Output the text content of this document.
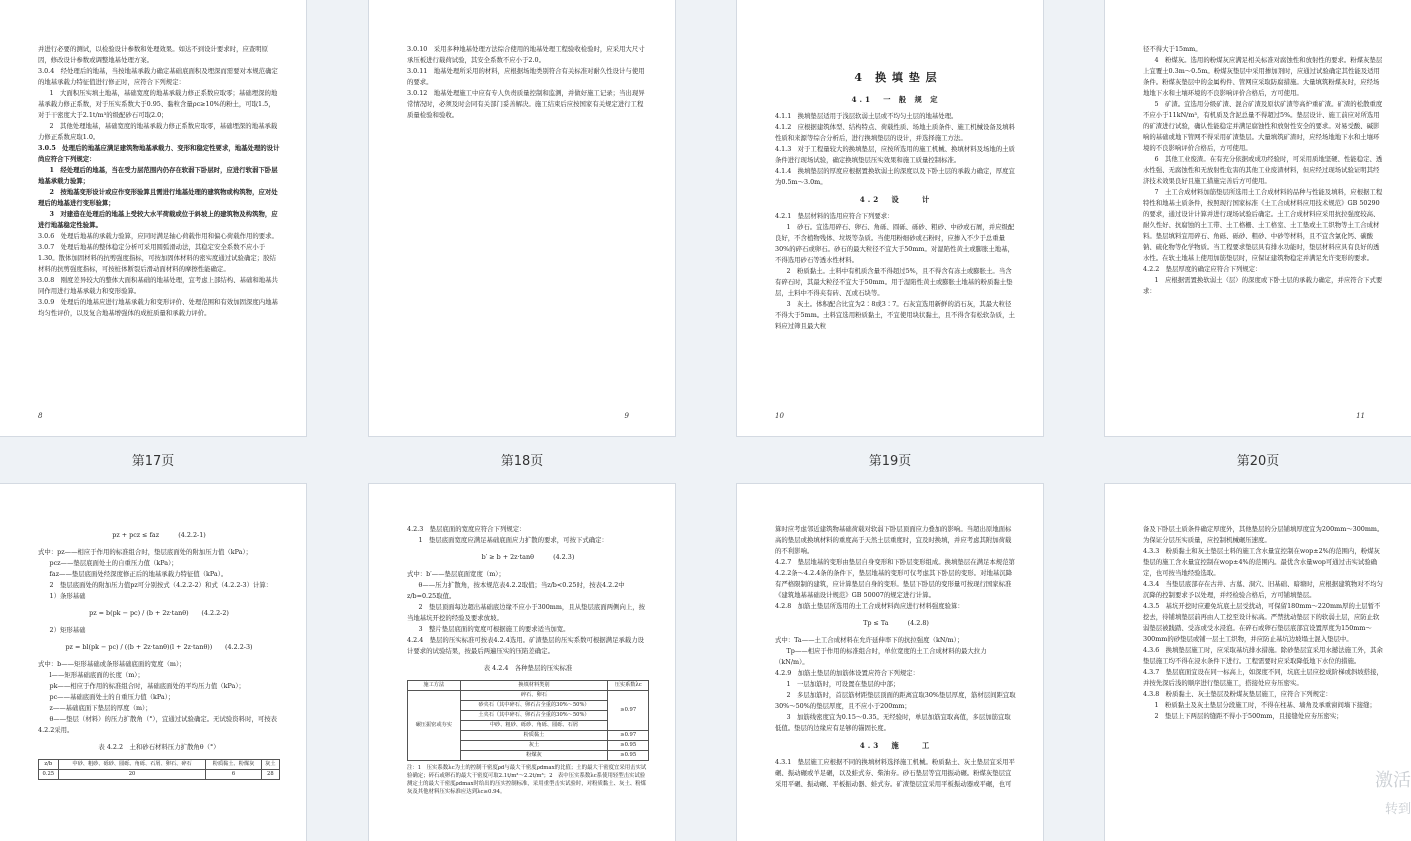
并进行必要的测试，以检验设计参数和处理效果。如达不到设计要求时，应查明原因，修改设计参数或调整地基处理方案。

3.0.4　经处理后的地基，当按地基承载力确定基础底面积及埋深而需要对本规范确定的地基承载力特征值进行修正时，应符合下列规定：

1　大面积压实填土地基，基础宽度的地基承载力修正系数应取零；基础埋深的地基承载力修正系数，对于压实系数大于0.95、黏粒含量ρc≥10%的粉土，可取1.5，对于干密度大于2.1t/m³的级配砂石可取2.0；

2　其他处理地基，基础宽度的地基承载力修正系数应取零，基础埋深的地基承载力修正系数应取1.0。

3.0.5　处理后的地基应满足建筑物地基承载力、变形和稳定性要求，地基处理的设计尚应符合下列规定：

1　经处理后的地基，当在受力层范围内仍存在软弱下卧层时，应进行软弱下卧层地基承载力验算；

2　按地基变形设计或应作变形验算且需进行地基处理的建筑物或构筑物，应对处理后的地基进行变形验算；

3　对建造在处理后的地基上受较大水平荷载或位于斜坡上的建筑物及构筑物，应进行地基稳定性验算。

3.0.6　处理后地基的承载力验算，应同时满足轴心荷载作用和偏心荷载作用的要求。

3.0.7　处理后地基的整体稳定分析可采用圆弧滑动法，其稳定安全系数不应小于1.30。散体加固材料的抗剪强度指标，可按加固体材料的密实度通过试验确定；胶结材料的抗剪强度指标，可按桩体断裂后滑动面材料的摩擦性能确定。

3.0.8　刚度差异较大的整体大面积基础的地基处理，宜考虑上部结构、基础和地基共同作用进行地基承载力和变形验算。

3.0.9　处理后的地基应进行地基承载力和变形评价、处理范围和有效加固深度内地基均匀性评价，以及复合地基增强体的成桩质量和承载力评价。

8

3.0.10　采用多种地基处理方法综合使用的地基处理工程验收检验时，应采用大尺寸承压板进行载荷试验，其安全系数不应小于2.0。

3.0.11　地基处理所采用的材料，应根据场地类别符合有关标准对耐久性设计与使用的要求。

3.0.12　地基处理施工中应有专人负责质量控制和监测，并做好施工记录；当出现异常情况时，必须及时会同有关部门妥善解决。施工结束后应按国家有关规定进行工程质量检验和验收。

9

4　换 填 垫 层

4.1　一 般 规 定

4.1.1　换填垫层适用于浅层软弱土层或不均匀土层的地基处理。

4.1.2　应根据建筑体型、结构特点、荷载性质、场地土质条件、施工机械设备及填料性质和来源等综合分析后，进行换填垫层的设计，并选择施工方法。

4.1.3　对于工程量较大的换填垫层，应按所选用的施工机械、换填材料及场地的土质条件进行现场试验，确定换填垫层压实效果和施工质量控制标准。

4.1.4　换填垫层的厚度应根据置换软弱土的深度以及下卧土层的承载力确定，厚度宜为0.5m～3.0m。

4.2　设　　计

4.2.1　垫层材料的选用应符合下列要求：

1　砂石。宜选用碎石、卵石、角砾、圆砾、砾砂、粗砂、中砂或石屑，并应级配良好，不含植物残体、垃圾等杂质。当使用粉细砂或石粉时，应掺入不少于总重量30%的碎石或卵石。砂石的最大粒径不宜大于50mm。对湿陷性黄土或膨胀土地基，不得选用砂石等透水性材料。

2　粉质黏土。土料中有机质含量不得超过5%，且不得含有冻土或膨胀土。当含有碎石时，其最大粒径不宜大于50mm。用于湿陷性黄土或膨胀土地基的粉质黏土垫层，土料中不得夹有砖、瓦或石块等。

3　灰土。体积配合比宜为2∶8或3∶7。石灰宜选用新鲜的消石灰，其最大粒径不得大于5mm。土料宜选用粉质黏土，不宜使用块状黏土，且不得含有松软杂质，土料应过筛且最大粒

10

径不得大于15mm。

4　粉煤灰。选用的粉煤灰应满足相关标准对腐蚀性和放射性的要求。粉煤灰垫层上宜覆土0.3m～0.5m。粉煤灰垫层中采用掺加剂时，应通过试验确定其性能及适用条件。粉煤灰垫层中的金属构件、管网应采取防腐措施。大量填筑粉煤灰时，应经场地地下水和土壤环境的不良影响评价合格后，方可使用。

5　矿渣。宜选用分级矿渣、混合矿渣及原状矿渣等高炉重矿渣。矿渣的松散重度不应小于11kN/m³，有机质及含泥总量不得超过5%。垫层设计、施工前应对所选用的矿渣进行试验，确认性能稳定并满足腐蚀性和放射性安全的要求。对易受酸、碱影响的基础或地下管网不得采用矿渣垫层。大量填筑矿渣时，应经场地地下水和土壤环境的不良影响评价合格后，方可使用。

6　其他工业废渣。在有充分依据或成功经验时，可采用质地坚硬、性能稳定、透水性强、无腐蚀性和无放射性危害的其他工业废渣材料，但应经过现场试验证明其经济技术效果良好且施工措施完善后方可使用。

7　土工合成材料加筋垫层所选用土工合成材料的品种与性能及填料，应根据工程特性和地基土质条件，按照现行国家标准《土工合成材料应用技术规范》GB 50290的要求，通过设计计算并进行现场试验后确定。土工合成材料应采用抗拉强度较高、耐久性好、抗腐蚀的土工带、土工格栅、土工格室、土工垫或土工织物等土工合成材料。垫层填料宜用碎石、角砾、砾砂、粗砂、中砂等材料，且不宜含氯化钙、碳酸钠、硫化物等化学物质。当工程要求垫层具有排水功能时，垫层材料应具有良好的透水性。在软土地基上使用加筋垫层时，应保证建筑物稳定并满足允许变形的要求。

4.2.2　垫层厚度的确定应符合下列规定：

1　应根据需置换软弱土（层）的深度或下卧土层的承载力确定，并应符合下式要求：

11
第17页	第18页	第19页	第20页

pz + pcz ≤ faz　　　(4.2.2-1)

式中：pz——相应于作用的标准组合时，垫层底面处的附加压力值（kPa）；

pcz——垫层底面处土的自重压力值（kPa）；

faz——垫层底面处经深度修正后的地基承载力特征值（kPa）。

2　垫层底面处的附加压力值pz可分别按式（4.2.2-2）和式（4.2.2-3）计算：

1）条形基础

pz = b(pk − pc) / (b + 2z·tanθ)　　(4.2.2-2)

2）矩形基础

pz = bl(pk − pc) / ((b + 2z·tanθ)(l + 2z·tanθ))　　(4.2.2-3)

式中：b——矩形基础或条形基础底面的宽度（m）；

l——矩形基础底面的长度（m）；

pk——相应于作用的标准组合时，基础底面处的平均压力值（kPa）；

pc——基础底面处土的自重压力值（kPa）；

z——基础底面下垫层的厚度（m）；

θ——垫层（材料）的压力扩散角（°），宜通过试验确定。无试验资料时，可按表4.2.2采用。

表 4.2.2　土和砂石材料压力扩散角θ（°）

z/b	中砂、粗砂、砾砂、圆砾、角砾、石屑、卵石、碎石	粉质黏土、粉煤灰	灰土
0.25	20	6	28

4.2.3　垫层底面的宽度应符合下列规定：

1　垫层底面宽度应满足基础底面应力扩散的要求，可按下式确定：

b′ ≥ b + 2z·tanθ　　　(4.2.3)

式中：b′——垫层底面宽度（m）；

θ——压力扩散角，按本规范表4.2.2取值；当z/b<0.25时，按表4.2.2中z/b=0.25取值。

2　垫层顶面每边超出基础底边缘不应小于300mm，且从垫层底面两侧向上，按当地基坑开挖的经验及要求放坡。

3　整片垫层底面的宽度可根据施工的要求适当加宽。

4.2.4　垫层的压实标准可按表4.2.4选用。矿渣垫层的压实系数可根据满足承载力设计要求的试验结果，按最后两遍压实的压陷差确定。

表 4.2.4　各种垫层的压实标准

施工方法	换填材料类别	压实系数λc
碾压振密或夯实	碎石、卵石	≥0.97
	砂夹石（其中碎石、卵石占全重的30%～50%）	
	土夹石（其中碎石、卵石占全重的30%～50%）	
	中砂、粗砂、砾砂、角砾、圆砾、石屑	
	粉质黏土	≥0.97
	灰土	≥0.95
	粉煤灰	≥0.95

注：1　压实系数λc为土的控制干密度ρd与最大干密度ρdmax的比值；土的最大干密度宜采用击实试验确定；碎石或卵石的最大干密度可取2.1t/m³～2.2t/m³；2　表中压实系数λc系使用轻型击实试验测定土的最大干密度ρdmax时给出的压实控制标准，采用重型击实试验时，对粉质黏土、灰土、粉煤灰及其他材料压实标准应达到λc≥0.94。

算时应考虑邻近建筑物基础荷载对软弱下卧层顶面应力叠加的影响。当超出原地面标高的垫层或换填材料的重度高于天然土层重度时，宜及时换填，并应考虑其附加荷载的不利影响。

4.2.7　垫层地基的变形由垫层自身变形和下卧层变形组成。换填垫层在满足本规范第4.2.2条～4.2.4条的条件下，垫层地基的变形可仅考虑其下卧层的变形。对地基沉降有严格限制的建筑，应计算垫层自身的变形。垫层下卧层的变形量可按现行国家标准《建筑地基基础设计规范》GB 50007的规定进行计算。

4.2.8　加筋土垫层所选用的土工合成材料尚应进行材料强度验算：

Tp ≤ Ta　　　(4.2.8)

式中：Ta——土工合成材料在允许延伸率下的抗拉强度（kN/m）；

Tp——相应于作用的标准组合时，单位宽度的土工合成材料的最大拉力（kN/m）。

4.2.9　加筋土垫层的加筋体设置应符合下列规定：

1　一层加筋时，可设置在垫层的中部；

2　多层加筋时，首层筋材距垫层顶面的距离宜取30%垫层厚度，筋材层间距宜取30%～50%的垫层厚度，且不应小于200mm；

3　加筋线密度宜为0.15～0.35。无经验时，单层加筋宜取高值，多层加筋宜取低值。垫层的边缘应有足够的锚固长度。

4.3　施　　工

4.3.1　垫层施工应根据不同的换填材料选择施工机械。粉质黏土、灰土垫层宜采用平碾、振动碾或羊足碾，以及蛙式夯、柴油夯。砂石垫层等宜用振动碾。粉煤灰垫层宜采用平碾、振动碾、平板振动器、蛙式夯。矿渣垫层宜采用平板振动器或平碾，也可

备及下卧层土质条件确定厚度外，其他垫层的分层铺填厚度宜为200mm～300mm。为保证分层压实质量，应控制机械碾压速度。

4.3.3　粉质黏土和灰土垫层土料的施工含水量宜控制在wop±2%的范围内，粉煤灰垫层的施工含水量宜控制在wop±4%的范围内。最优含水量wop可通过击实试验确定，也可按当地经验选取。

4.3.4　当垫层底部存在古井、古墓、洞穴、旧基础、暗塘时，应根据建筑物对不均匀沉降的控制要求予以处理，并经检验合格后，方可铺填垫层。

4.3.5　基坑开挖时应避免坑底土层受扰动，可保留180mm～220mm厚的土层暂不挖去，待铺填垫层前再由人工挖至设计标高。严禁扰动垫层下的软弱土层，应防止软弱垫层被践踏、受冻或受水浸泡。在碎石或卵石垫层底部宜设置厚度为150mm～300mm的砂垫层或铺一层土工织物，并应防止基坑边坡塌土混入垫层中。

4.3.6　换填垫层施工时，应采取基坑排水措施。除砂垫层宜采用水撼法施工外，其余垫层施工均不得在浸水条件下进行。工程需要时应采取降低地下水位的措施。

4.3.7　垫层底面宜设在同一标高上，如深度不同，坑底土层应挖成阶梯或斜坡搭接，并按先深后浅的顺序进行垫层施工，搭接处应夯压密实。

4.3.8　粉质黏土、灰土垫层及粉煤灰垫层施工，应符合下列规定：

1　粉质黏土及灰土垫层分段施工时，不得在柱基、墙角及承重窗间墙下接缝；

2　垫层上下两层的缝距不得小于500mm，且接缝处应夯压密实；

激活
转到
